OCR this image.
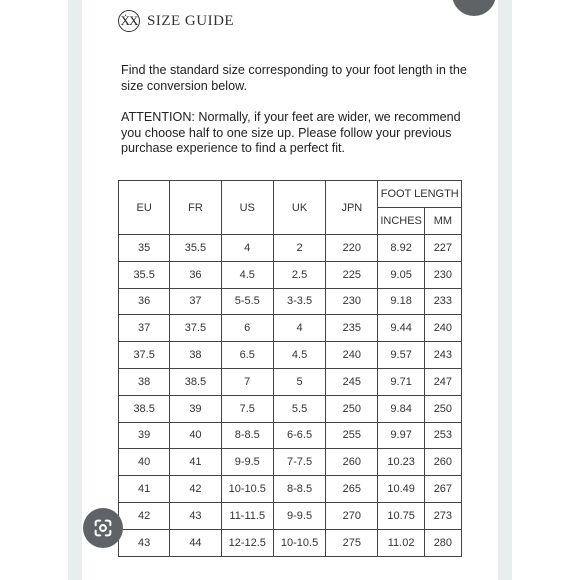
ẊX SIZE GUIDE
Find the standard size corresponding to your foot length in the size conversion below.
ATTENTION: Normally, if your feet are wider, we recommend you choose half to one size up. Please follow your previous purchase experience to find a perfect fit.
EU	FR	US	UK	JPN	FOOT LENGTH	
					INCHES	MM
35	35.5	4	2	220	8.92	227
35.5	36	4.5	2.5	225	9.05	230
36	37	5-5.5	3-3.5	230	9.18	233
37	37.5	6	4	235	9.44	240
37.5	38	6.5	4.5	240	9.57	243
38	38.5	7	5	245	9.71	247
38.5	39	7.5	5.5	250	9.84	250
39	40	8-8.5	6-6.5	255	9.97	253
40	41	9-9.5	7-7.5	260	10.23	260
41	42	10-10.5	8-8.5	265	10.49	267
42	43	11-11.5	9-9.5	270	10.75	273
43	44	12-12.5	10-10.5	275	11.02	280
